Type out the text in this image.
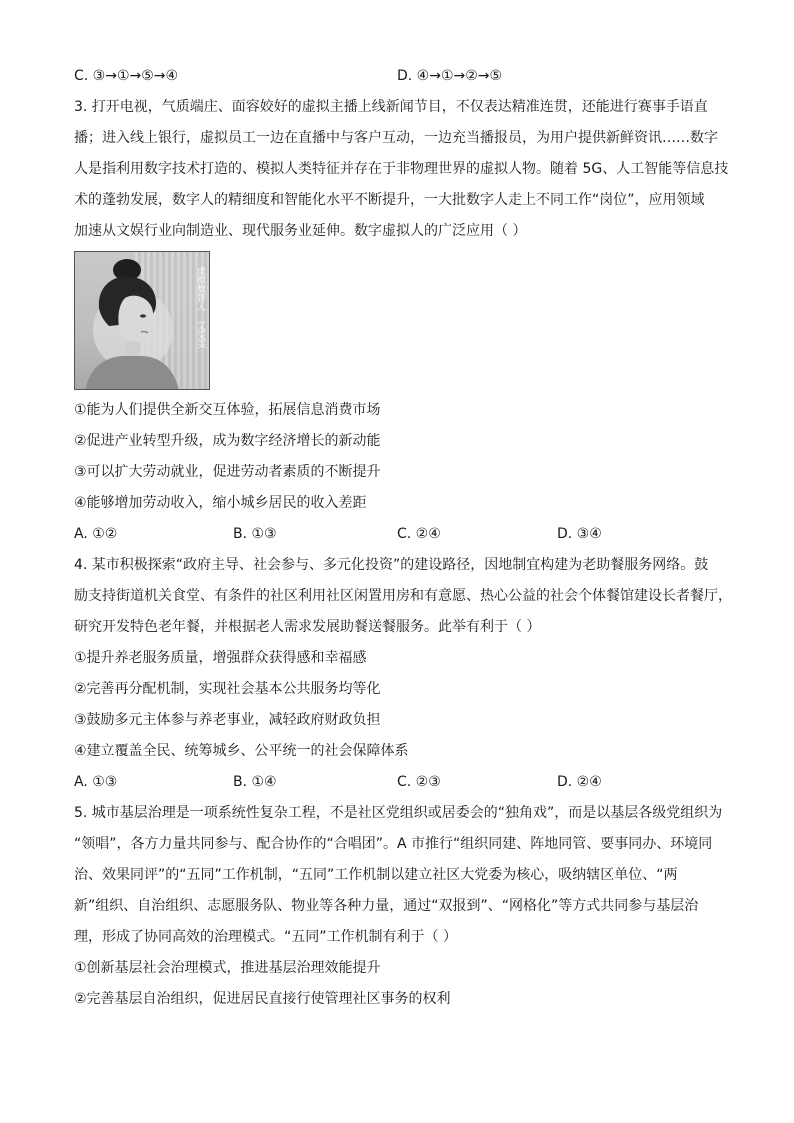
C. ③→①→⑤→④	D. ④→①→②→⑤
3. 打开电视，气质端庄、面容姣好的虚拟主播上线新闻节目，不仅表达精准连贯，还能进行赛事手语直
播；进入线上银行，虚拟员工一边在直播中与客户互动，一边充当播报员，为用户提供新鲜资讯……数字
人是指利用数字技术打造的、模拟人类特征并存在于非物理世界的虚拟人物。随着 5G、人工智能等信息技
术的蓬勃发展，数字人的精细度和智能化水平不断提升，一大批数字人走上不同工作“岗位”，应用领域
加速从文娱行业向制造业、现代服务业延伸。数字虚拟人的广泛应用（ ）
虚拟数智人 艾雯雯
①能为人们提供全新交互体验，拓展信息消费市场
②促进产业转型升级，成为数字经济增长的新动能
③可以扩大劳动就业，促进劳动者素质的不断提升
④能够增加劳动收入，缩小城乡居民的收入差距
A. ①②	B. ①③	C. ②④	D. ③④
4. 某市积极探索“政府主导、社会参与、多元化投资”的建设路径，因地制宜构建为老助餐服务网络。鼓
励支持街道机关食堂、有条件的社区利用社区闲置用房和有意愿、热心公益的社会个体餐馆建设长者餐厅，
研究开发特色老年餐，并根据老人需求发展助餐送餐服务。此举有利于（ ）
①提升养老服务质量，增强群众获得感和幸福感
②完善再分配机制，实现社会基本公共服务均等化
③鼓励多元主体参与养老事业，减轻政府财政负担
④建立覆盖全民、统筹城乡、公平统一的社会保障体系
A. ①③	B. ①④	C. ②③	D. ②④
5. 城市基层治理是一项系统性复杂工程，不是社区党组织或居委会的“独角戏”，而是以基层各级党组织为
“领唱”，各方力量共同参与、配合协作的“合唱团”。A 市推行“组织同建、阵地同管、要事同办、环境同
治、效果同评”的“五同”工作机制，“五同”工作机制以建立社区大党委为核心，吸纳辖区单位、“两
新”组织、自治组织、志愿服务队、物业等各种力量，通过“双报到”、“网格化”等方式共同参与基层治
理，形成了协同高效的治理模式。“五同”工作机制有利于（ ）
①创新基层社会治理模式，推进基层治理效能提升
②完善基层自治组织，促进居民直接行使管理社区事务的权利
